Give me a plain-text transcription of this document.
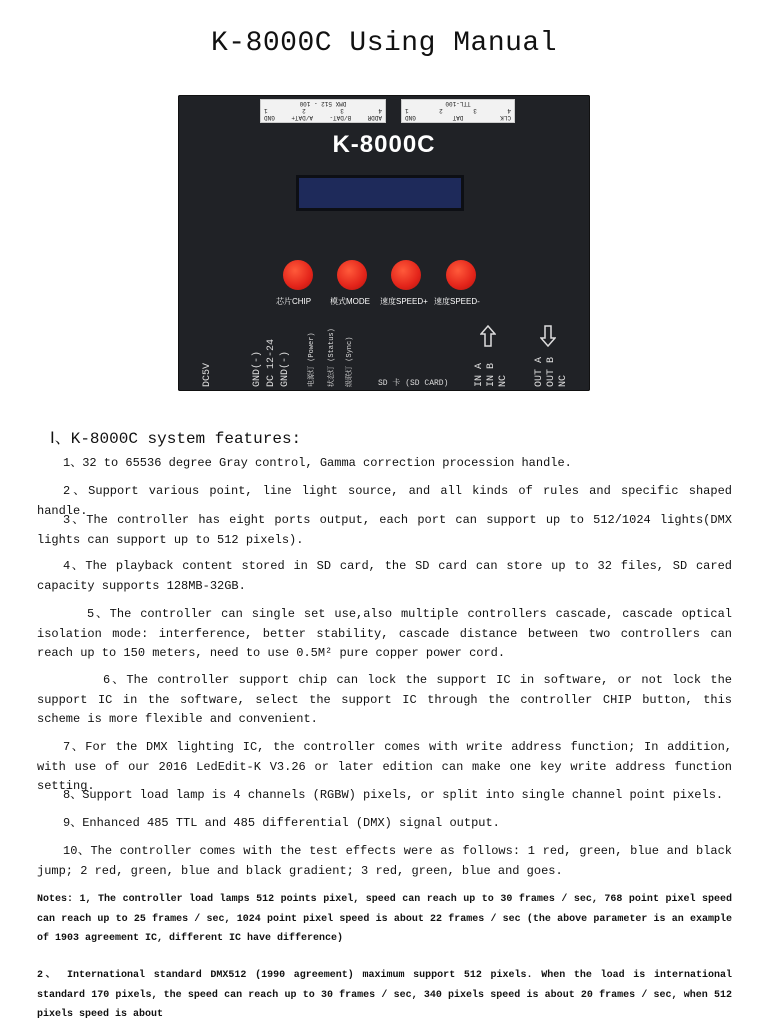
K-8000C Using Manual
ADDR
B/DAT-
A/DAT+
GND
4
3
2
1
DMX 512 - 100
CLK
DAT
GND
4
3
2
1
TTL-100
K-8000C
芯片CHIP 模式MODE 速度SPEED+ 速度SPEED-
DC5V	GND(-) DC 12-24 GND(-) 电源灯 (Power) 状态灯 (Status) 级联灯 (Sync)	SD 卡 (SD CARD)	IN A IN B NC	OUT A OUT B NC
Ⅰ、K-8000C system features:
1、32 to 65536 degree Gray control, Gamma correction procession handle.
2、Support various point, line light source, and all kinds of rules and specific shaped handle.
3、The controller has eight ports output, each port can support up to 512/1024 lights(DMX lights can support up to 512 pixels).
4、The playback content stored in SD card, the SD card can store up to 32 files, SD cared capacity supports 128MB-32GB.
5、The controller can single set use,also multiple controllers cascade, cascade optical isolation mode: interference, better stability, cascade distance between two controllers can reach up to 150 meters, need to use 0.5M² pure copper power cord.
6、The controller support chip can lock the support IC in software, or not lock the support IC in the software, select the support IC through the controller CHIP button, this scheme is more flexible and convenient.
7、For the DMX lighting IC, the controller comes with write address function; In addition, with use of our 2016 LedEdit-K V3.26 or later edition can make one key write address function setting.
8、Support load lamp is 4 channels (RGBW) pixels, or split into single channel point pixels.
9、Enhanced 485 TTL and 485 differential (DMX) signal output.
10、The controller comes with the test effects were as follows: 1 red, green, blue and black jump; 2 red, green, blue and black gradient; 3 red, green, blue and goes.
Notes: 1, The controller load lamps 512 points pixel, speed can reach up to 30 frames / sec, 768 point pixel speed can reach up to 25 frames / sec, 1024 point pixel speed is about 22 frames / sec (the above parameter is an example of 1903 agreement IC, different IC have difference)
2、 International standard DMX512 (1990 agreement) maximum support 512 pixels. When the load is international standard 170 pixels, the speed can reach up to 30 frames / sec, 340 pixels speed is about 20 frames / sec, when 512 pixels speed is about
